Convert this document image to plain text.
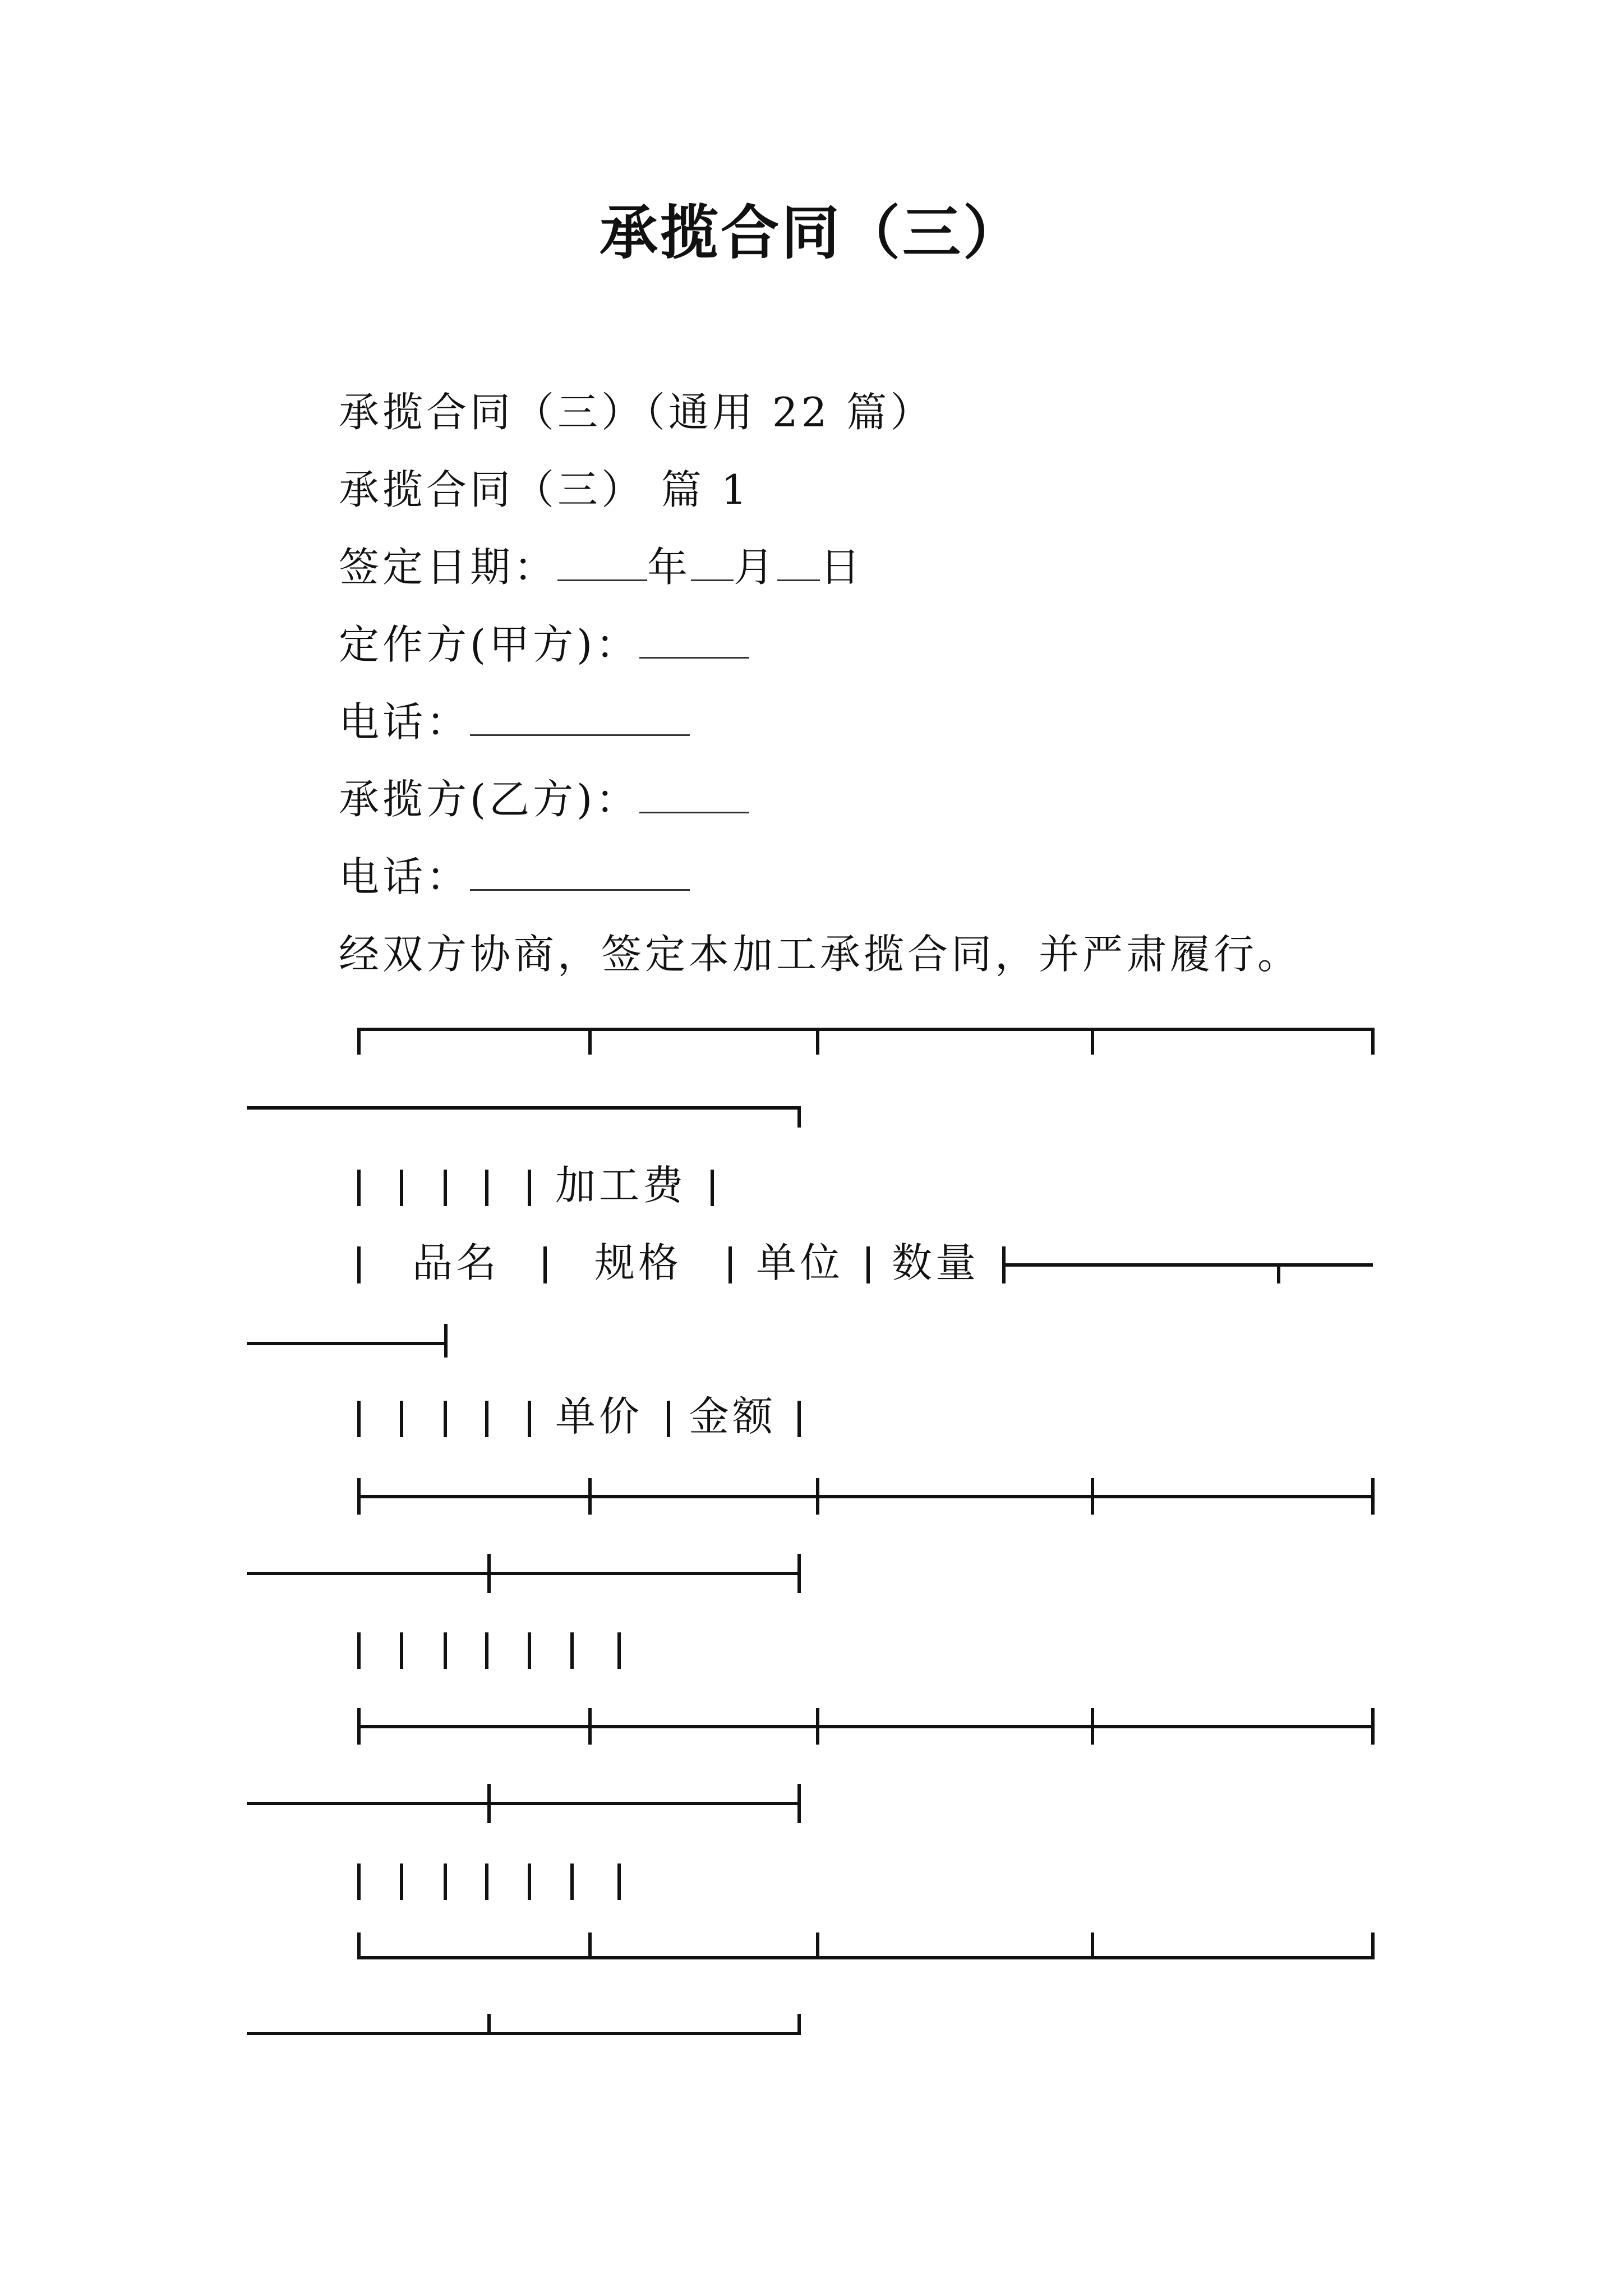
承揽合同（三）
承揽合同（三）（通用 22 篇）
承揽合同（三） 篇 1
签定日期： 年 月 日
定作方(甲方)：
电话：
承揽方(乙方)：
电话：
经双方协商，签定本加工承揽合同，并严肃履行。
加工费
品名 规格 单位 数量
单价 金额
